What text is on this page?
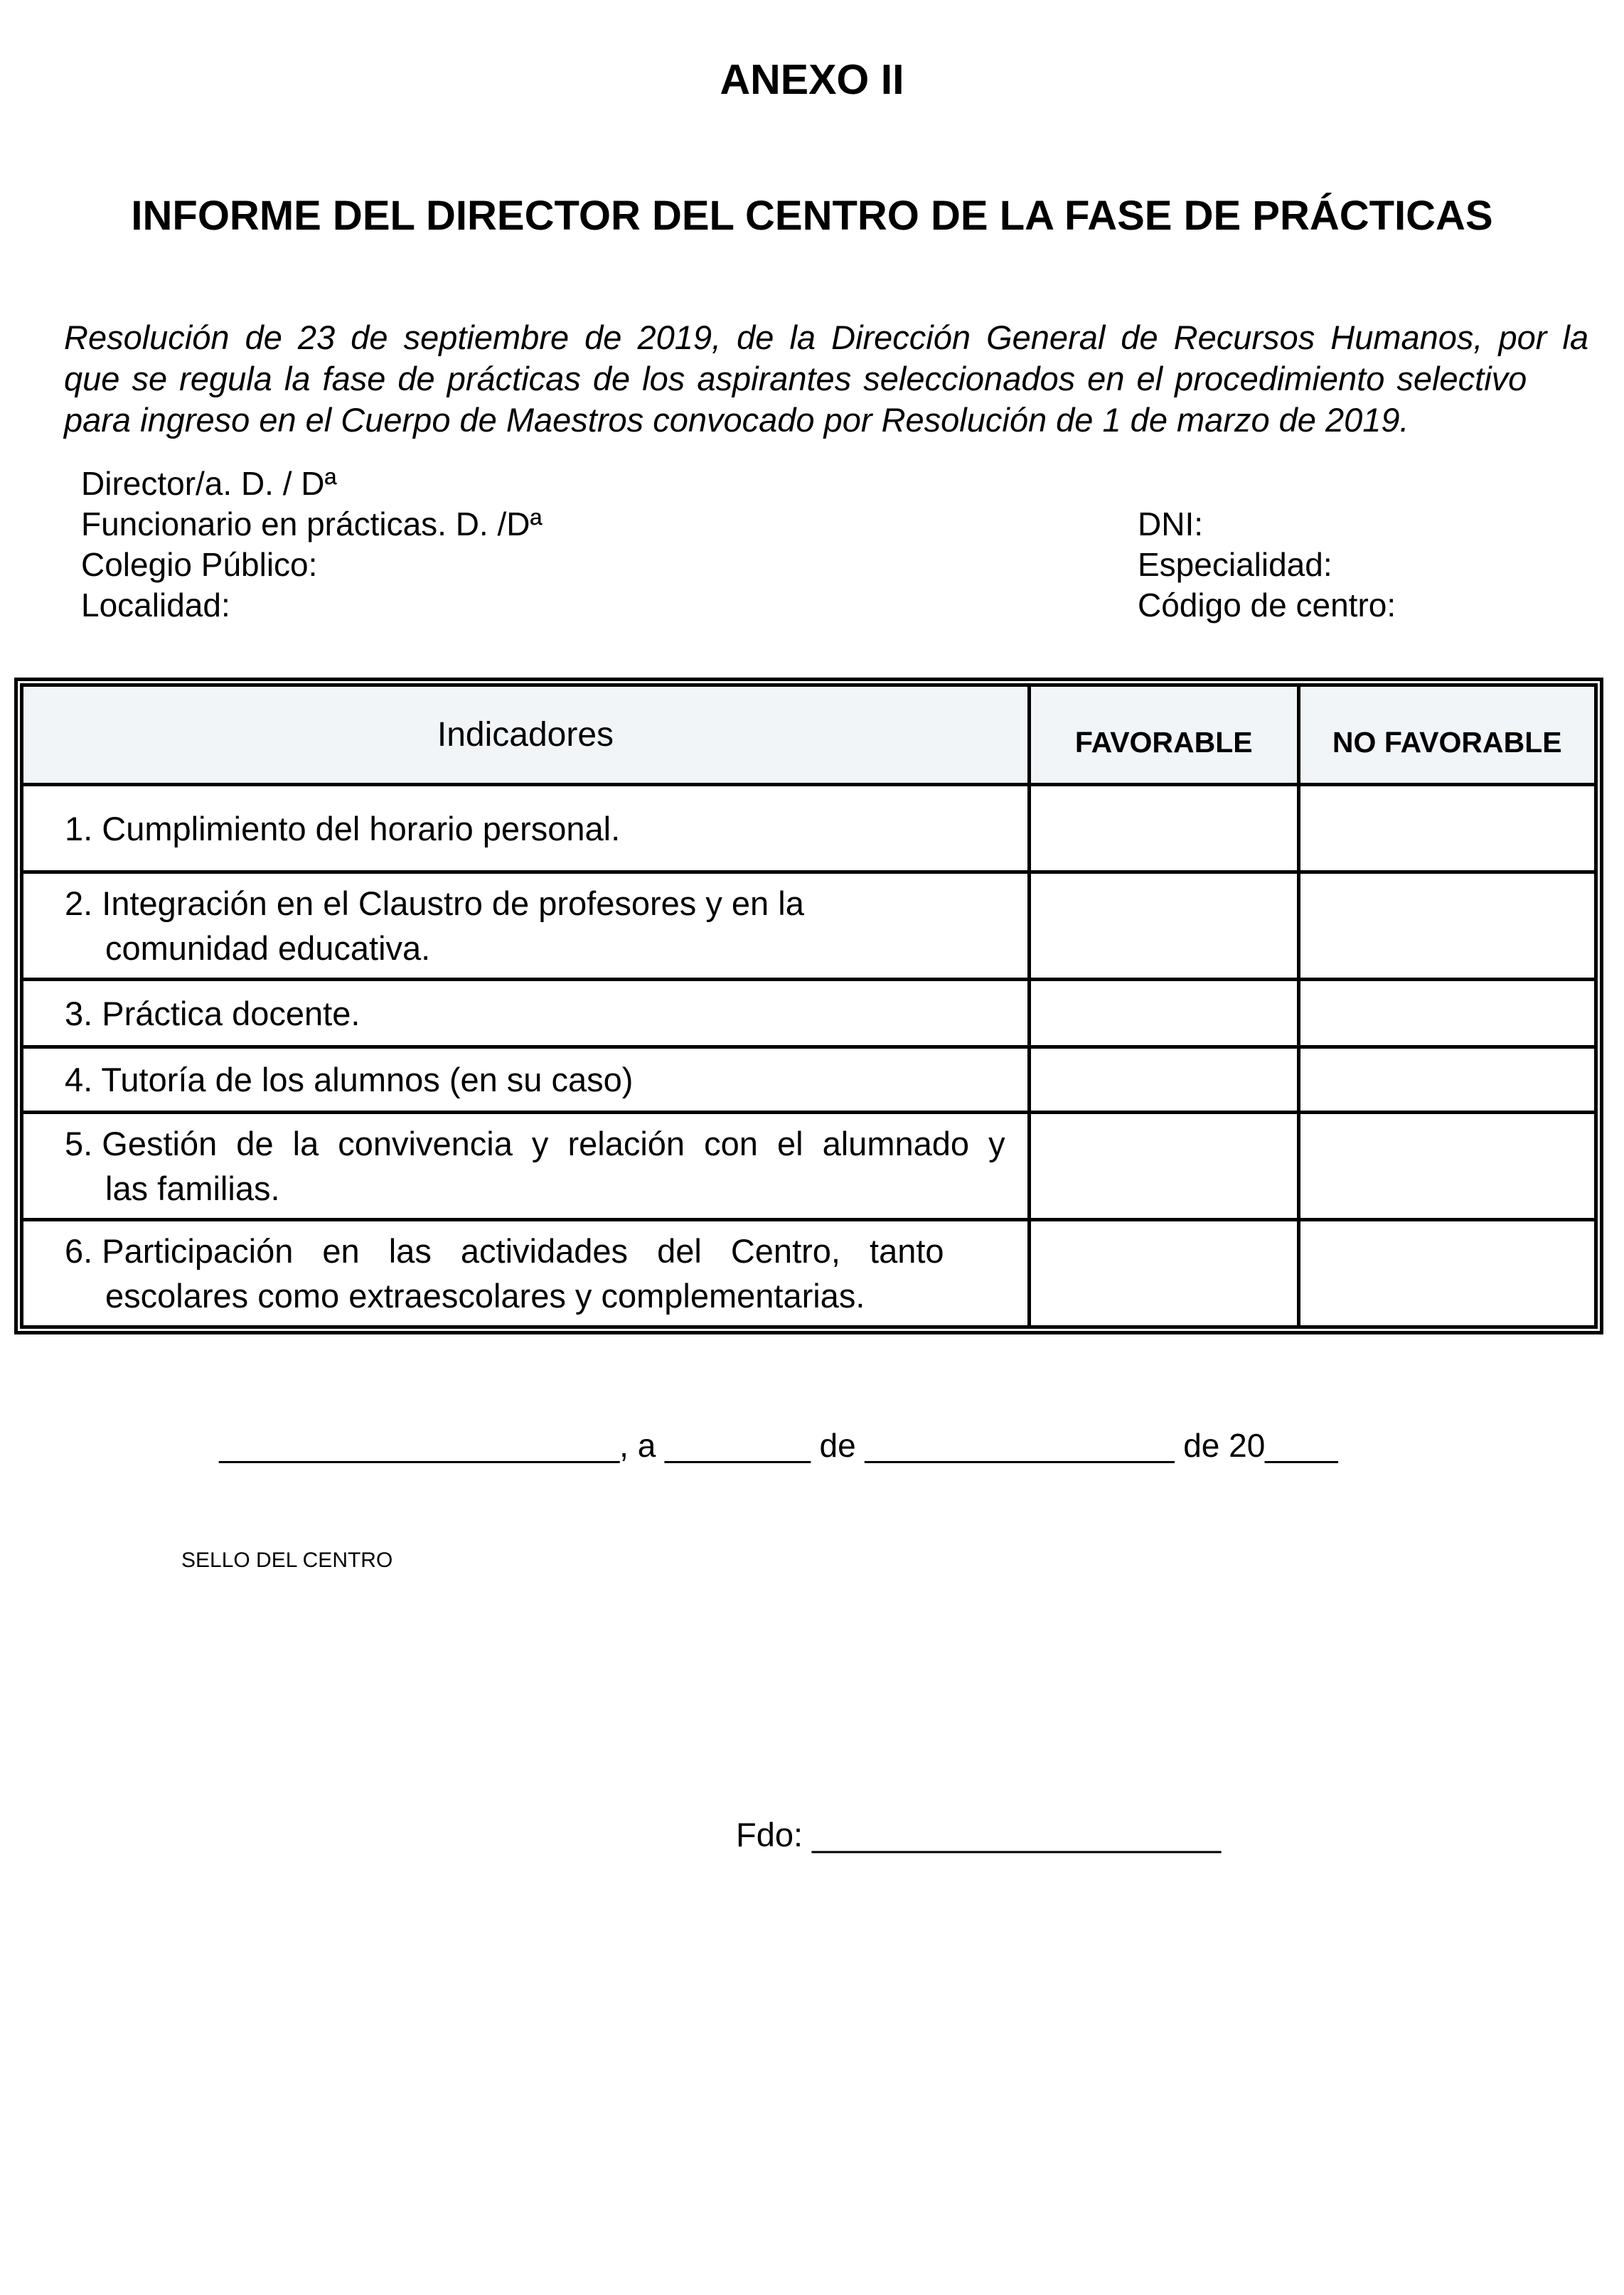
ANEXO II
INFORME DEL DIRECTOR DEL CENTRO DE LA FASE DE PRÁCTICAS
Resolución de 23 de septiembre de 2019, de la Dirección General de Recursos Humanos, por la
que se regula la fase de prácticas de los aspirantes seleccionados en el procedimiento selectivo
para ingreso en el Cuerpo de Maestros convocado por Resolución de 1 de marzo de 2019.
Director/a. D. / Dª
Funcionario en prácticas. D. /Dª	DNI:
Colegio Público:	Especialidad:
Localidad:	Código de centro:
Indicadores	FAVORABLE	NO FAVORABLE
1. Cumplimiento del horario personal.		
2. Integración en el Claustro de profesores y en la
comunidad educativa.		
3. Práctica docente.		
4. Tutoría de los alumnos (en su caso)		
5. Gestión de la convivencia y relación con el alumnado y
las familias.		
6. Participación en las actividades del Centro, tanto
escolares como extraescolares y complementarias.		
______________________, a ________ de _________________ de 20____
SELLO DEL CENTRO
Fdo: ______________________
